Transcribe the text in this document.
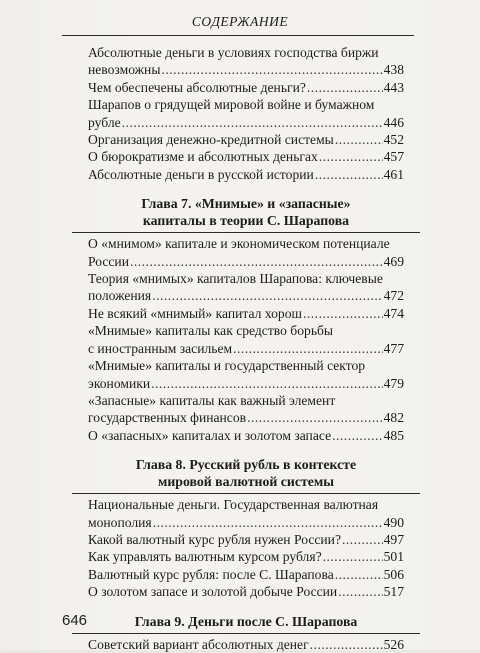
СОДЕРЖАНИЕ
Абсолютные деньги в условиях господства биржи
невозможны .....	438
Чем обеспечены абсолютные деньги? .....	443
Шарапов о грядущей мировой войне и бумажном
рубле .....	446
Организация денежно-кредитной системы .....	452
О бюрократизме и абсолютных деньгах .....	457
Абсолютные деньги в русской истории .....	461
Глава 7. «Мнимые» и «запасные»
капиталы в теории С. Шарапова
О «мнимом» капитале и экономическом потенциале
России .....	469
Теория «мнимых» капиталов Шарапова: ключевые
положения .....	472
Не всякий «мнимый» капитал хорош .....	474
«Мнимые» капиталы как средство борьбы
с иностранным засильем .....	477
«Мнимые» капиталы и государственный сектор
экономики .....	479
«Запасные» капиталы как важный элемент
государственных финансов .....	482
О «запасных» капиталах и золотом запасе .....	485
Глава 8. Русский рубль в контексте
мировой валютной системы
Национальные деньги. Государственная валютная
монополия .....	490
Какой валютный курс рубля нужен России? .....	497
Как управлять валютным курсом рубля? .....	501
Валютный курс рубля: после С. Шарапова .....	506
О золотом запасе и золотой добыче России .....	517
Глава 9. Деньги после С. Шарапова
Советский вариант абсолютных денег .....	526
646
